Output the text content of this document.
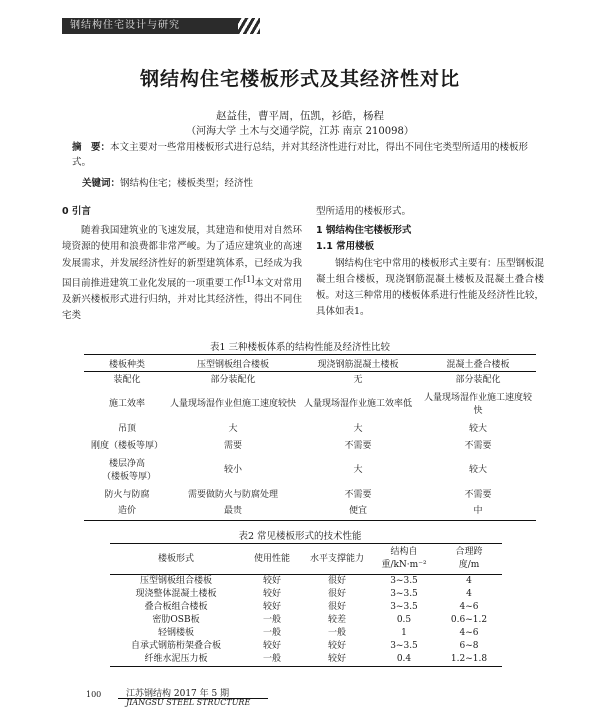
钢结构住宅设计与研究
钢结构住宅楼板形式及其经济性对比
赵益佳，曹平周，伍凯，衫皓，杨程
（河海大学 土木与交通学院，江苏 南京 210098）
摘　要：本文主要对一些常用楼板形式进行总结，并对其经济性进行对比，得出不同住宅类型所适用的楼板形式。
关键词：钢结构住宅；楼板类型；经济性
0 引言

随着我国建筑业的飞速发展，其建造和使用对自然环境资源的使用和浪费都非常严峻。为了适应建筑业的高速发展需求，并发展经济性好的新型建筑体系，已经成为我国目前推进建筑工业化发展的一项重要工作[1]本文对常用及新兴楼板形式进行归纳，并对比其经济性，得出不同住宅类

型所适用的楼板形式。
1 钢结构住宅楼板形式
1.1 常用楼板

钢结构住宅中常用的楼板形式主要有：压型钢板混凝土组合楼板，现浇钢筋混凝土楼板及混凝土叠合楼板。对这三种常用的楼板体系进行性能及经济性比较，具体如表1。

表1 三种楼板体系的结构性能及经济性比较
楼板种类	压型钢板组合楼板	现浇钢筋混凝土楼板	混凝土叠合楼板
装配化	部分装配化	无	部分装配化
施工效率	人量现场湿作业但施工速度较快	人量现场湿作业施工效率低	人量现场湿作业施工速度较快
吊顶	大	大	较大
刚度（楼板等厚）	需要	不需要	不需要
楼层净高（楼板等厚）	较小	大	较大
防火与防腐	需要做防火与防腐处理	不需要	不需要
造价	最贵	便宜	中
表2 常见楼板形式的技术性能
楼板形式	使用性能	水平支撑能力	结构自重/kN·m⁻²	合理跨度/m
压型钢板组合楼板	较好	很好	3~3.5	4
现浇整体混凝土楼板	较好	很好	3~3.5	4
叠合板组合楼板	较好	很好	3~3.5	4~6
密肋OSB板	一般	较差	0.5	0.6~1.2
轻钢楼板	一般	一般	1	4~6
自承式钢筋桁架叠合板	较好	较好	3~3.5	6~8
纤维水泥压力板	一般	较好	0.4	1.2~1.8
100	江苏钢结构 2017 年 5 期
JIANGSU STEEL STRUCTURE
